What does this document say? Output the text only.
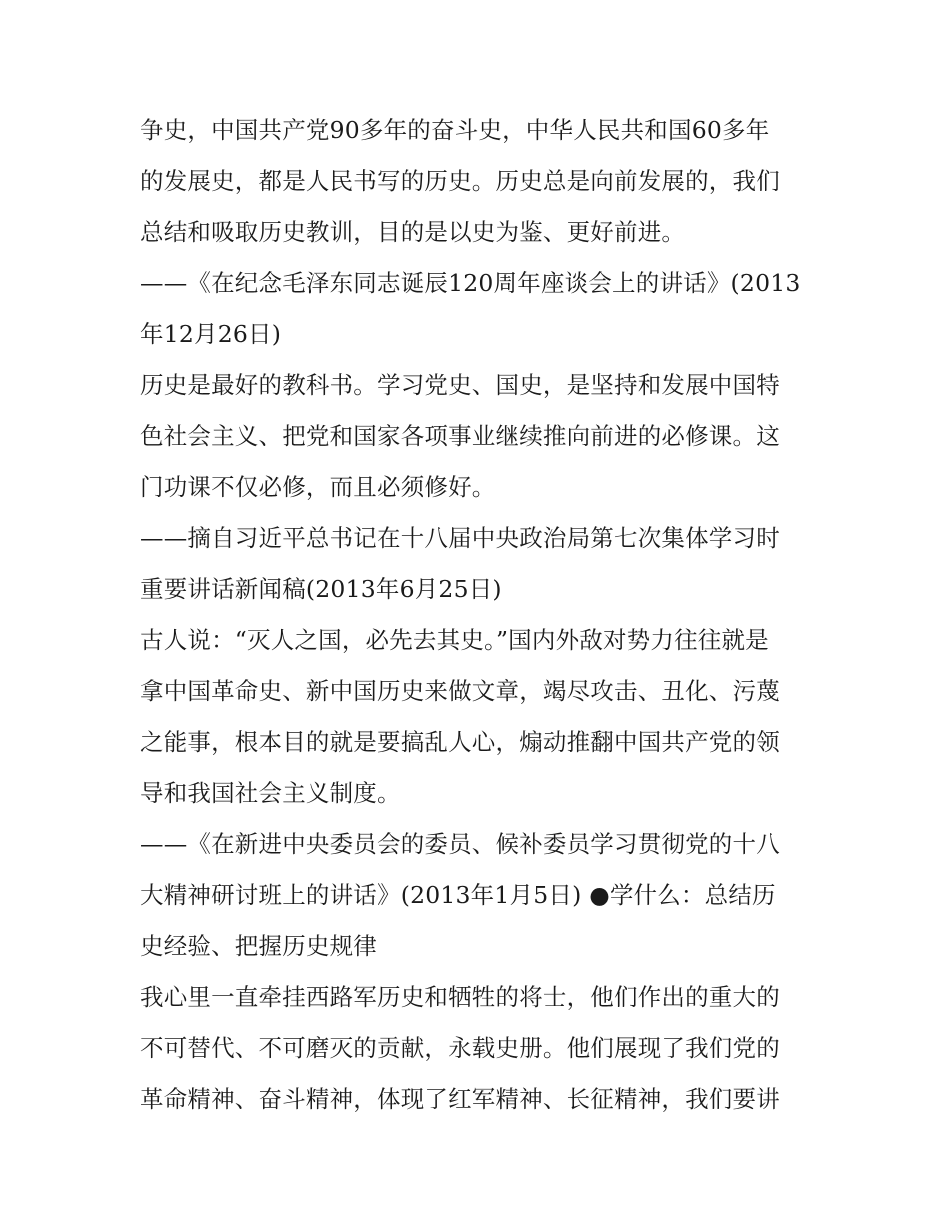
争史，中国共产党90多年的奋斗史，中华人民共和国60多年
的发展史，都是人民书写的历史。历史总是向前发展的，我们
总结和吸取历史教训，目的是以史为鉴、更好前进。
——《在纪念毛泽东同志诞辰120周年座谈会上的讲话》(2013
年12月26日)
历史是最好的教科书。学习党史、国史，是坚持和发展中国特
色社会主义、把党和国家各项事业继续推向前进的必修课。这
门功课不仅必修，而且必须修好。
——摘自习近平总书记在十八届中央政治局第七次集体学习时
重要讲话新闻稿(2013年6月25日)
古人说：“灭人之国，必先去其史。”国内外敌对势力往往就是
拿中国革命史、新中国历史来做文章，竭尽攻击、丑化、污蔑
之能事，根本目的就是要搞乱人心，煽动推翻中国共产党的领
导和我国社会主义制度。
——《在新进中央委员会的委员、候补委员学习贯彻党的十八
大精神研讨班上的讲话》(2013年1月5日) ●学什么：总结历
史经验、把握历史规律
我心里一直牵挂西路军历史和牺牲的将士，他们作出的重大的
不可替代、不可磨灭的贡献，永载史册。他们展现了我们党的
革命精神、奋斗精神，体现了红军精神、长征精神，我们要讲
